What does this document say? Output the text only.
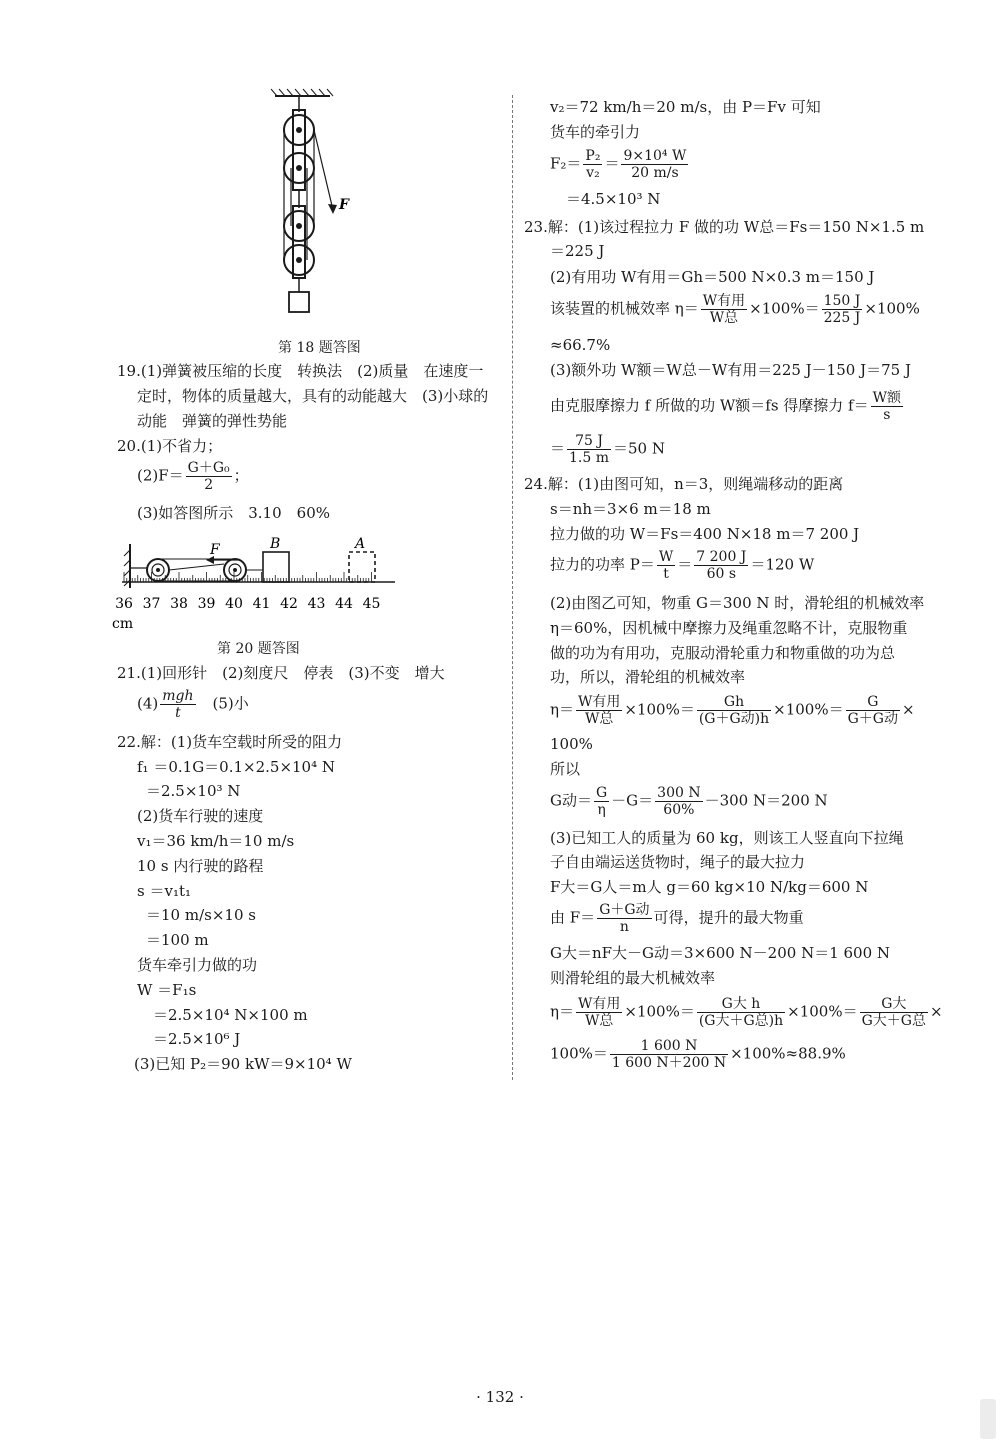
F
第 18 题答图
19.(1)弹簧被压缩的长度　转换法　(2)质量　在速度一
定时，物体的质量越大，具有的动能越大　(3)小球的
动能　弹簧的弹性势能
20.(1)不省力；
$(2)F= \frac{\text{G＋G₀}}{2}$ ；
(3)如答图所示　3.10　60%
F	B	A
36 37 38 39 40 41 42 43 44 45
cm
第 20 题答图
21.(1)回形针　(2)刻度尺　停表　(3)不变　增大
$(4) \frac{\text{mgh}}{t}$ 　(5)小
22.解：(1)货车空载时所受的阻力
f₁ ＝0.1G＝0.1×2.5×10⁴ N
＝2.5×10³ N
(2)货车行驶的速度
v₁＝36 km/h＝10 m/s
10 s 内行驶的路程
s ＝v₁t₁
＝10 m/s×10 s
＝100 m
货车牵引力做的功
W ＝F₁s
＝2.5×10⁴ N×100 m
＝2.5×10⁶ J
(3)已知 P₂＝90 kW＝9×10⁴ W
v₂＝72 km/h＝20 m/s，由 P＝Fv 可知
货车的牵引力
$F_2= \frac{\text{P₂}}{\text{v₂}} = \frac{\text{9×10⁴ W}}{20 m/s}$
＝4.5×10³ N
23.解：(1)该过程拉力 F 做的功 W总＝Fs＝150 N×1.5 m
＝225 J
(2)有用功 W有用＝Gh＝500 N×0.3 m＝150 J
该装置的机械效率 $\eta= \frac{\text{W有用}}{\text{W总}} \times 100\%= \frac{150 J}{225 J} \times 100\%$
≈66.7%
(3)额外功 W额＝W总－W有用＝225 J－150 J＝75 J
由克服摩擦力 f 所做的功 W额＝fs 得摩擦力 $f= \frac{\text{W额}}{s}$
＝ $\frac{75 J}{1.5 m} =50$ N
24.解：(1)由图可知，n＝3，则绳端移动的距离
s＝nh＝3×6 m＝18 m
拉力做的功 W＝Fs＝400 N×18 m＝7 200 J
拉力的功率 $P= \frac{W}{t} = \frac{7 200 J}{60 s} =120$ W
(2)由图乙可知，物重 G＝300 N 时，滑轮组的机械效率
η＝60%，因机械中摩擦力及绳重忽略不计，克服物重
做的功为有用功，克服动滑轮重力和物重做的功为总
功，所以，滑轮组的机械效率
$\eta= \frac{\text{W有用}}{\text{W总}} \times 100\%= \frac{Gh}{\text{(G＋G动)h}} \times 100\%= \frac{G}{\text{G＋G动}}$ ×
100%
所以
G动＝ $\frac{G}{\eta} -G= \frac{300 N}{60\%} -300$ N＝200 N
(3)已知工人的质量为 60 kg，则该工人竖直向下拉绳
子自由端运送货物时，绳子的最大拉力
F大＝G人＝m人 g＝60 kg×10 N/kg＝600 N
由 $F= \frac{\text{G＋G动}}{n}$ 可得，提升的最大物重
G大＝nF大－G动＝3×600 N－200 N＝1 600 N
则滑轮组的最大机械效率
$\eta= \frac{\text{W有用}}{\text{W总}} \times 100\%= \frac{\text{G大 h}}{\text{(G大＋G总)h}} \times 100\%= \frac{\text{G大}}{\text{G大＋G总}}$ ×
$100\%= \frac{1 600 N}{1 600 N+200 N} \times 100\%\approx 88.9\%$
· 132 ·
